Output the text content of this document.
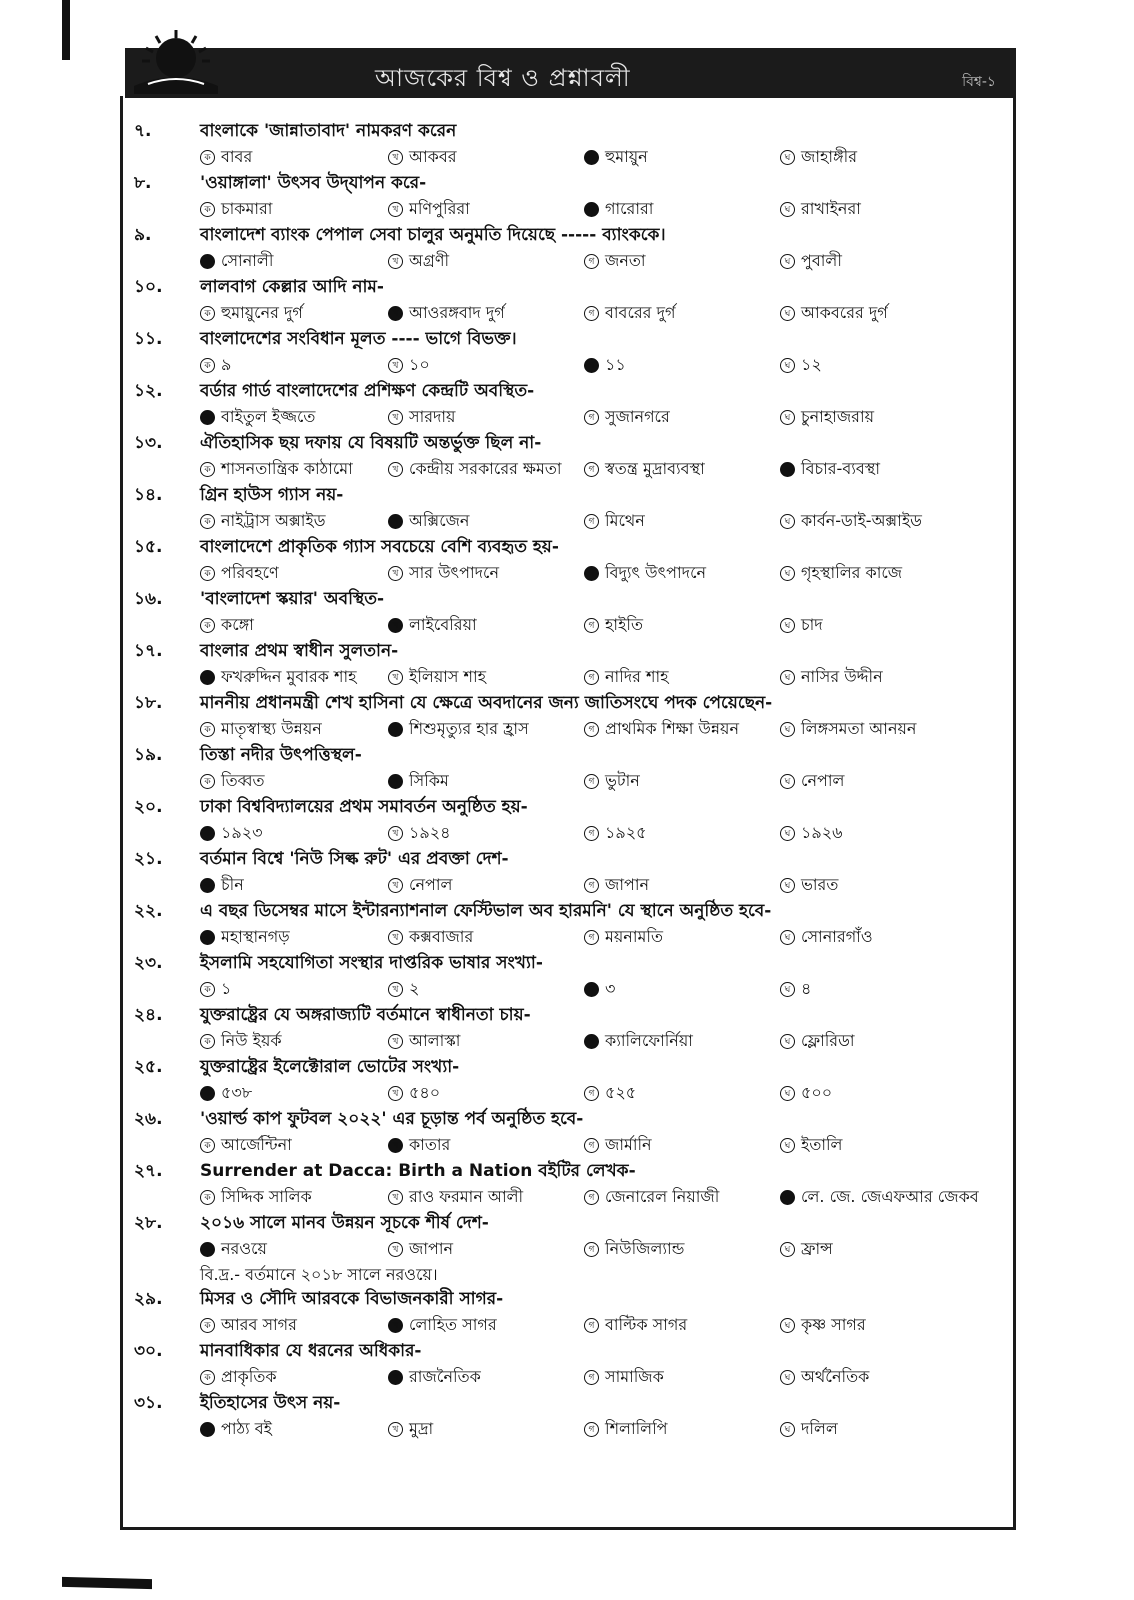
আজকের বিশ্ব ও প্রশ্নাবলী	বিশ্ব-১
৭.	বাংলাকে 'জান্নাতাবাদ' নামকরণ করেন
ক বাবর	খ আকবর	গ হুমায়ুন	ঘ জাহাঙ্গীর
৮.	'ওয়াঙ্গালা' উৎসব উদ্‌যাপন করে-
ক চাকমারা	খ মণিপুরিরা	গ গারোরা	ঘ রাখাইনরা
৯.	বাংলাদেশ ব্যাংক পেপাল সেবা চালুর অনুমতি দিয়েছে ----- ব্যাংককে।
ক সোনালী	খ অগ্রণী	গ জনতা	ঘ পুবালী
১০.	লালবাগ কেল্লার আদি নাম-
ক হুমায়ুনের দুর্গ	খ আওরঙ্গবাদ দুর্গ	গ বাবরের দুর্গ	ঘ আকবরের দুর্গ
১১.	বাংলাদেশের সংবিধান মূলত ---- ভাগে বিভক্ত।
ক ৯	খ ১০	গ ১১	ঘ ১২
১২.	বর্ডার গার্ড বাংলাদেশের প্রশিক্ষণ কেন্দ্রটি অবস্থিত-
ক বাইতুল ইজ্জতে	খ সারদায়	গ সুজানগরে	ঘ চুনাহাজরায়
১৩.	ঐতিহাসিক ছয় দফায় যে বিষয়টি অন্তর্ভুক্ত ছিল না-
ক শাসনতান্ত্রিক কাঠামো	খ কেন্দ্রীয় সরকারের ক্ষমতা	গ স্বতন্ত্র মুদ্রাব্যবস্থা	ঘ বিচার-ব্যবস্থা
১৪.	গ্রিন হাউস গ্যাস নয়-
ক নাইট্রাস অক্সাইড	খ অক্সিজেন	গ মিথেন	ঘ কার্বন-ডাই-অক্সাইড
১৫.	বাংলাদেশে প্রাকৃতিক গ্যাস সবচেয়ে বেশি ব্যবহৃত হয়-
ক পরিবহণে	খ সার উৎপাদনে	গ বিদ্যুৎ উৎপাদনে	ঘ গৃহস্থালির কাজে
১৬.	'বাংলাদেশ স্কয়ার' অবস্থিত-
ক কঙ্গো	খ লাইবেরিয়া	গ হাইতি	ঘ চাদ
১৭.	বাংলার প্রথম স্বাধীন সুলতান-
ক ফখরুদ্দিন মুবারক শাহ	খ ইলিয়াস শাহ	গ নাদির শাহ	ঘ নাসির উদ্দীন
১৮.	মাননীয় প্রধানমন্ত্রী শেখ হাসিনা যে ক্ষেত্রে অবদানের জন্য জাতিসংঘে পদক পেয়েছেন-
ক মাতৃস্বাস্থ্য উন্নয়ন	খ শিশুমৃত্যুর হার হ্রাস	গ প্রাথমিক শিক্ষা উন্নয়ন	ঘ লিঙ্গসমতা আনয়ন
১৯.	তিস্তা নদীর উৎপত্তিস্থল-
ক তিব্বত	খ সিকিম	গ ভুটান	ঘ নেপাল
২০.	ঢাকা বিশ্ববিদ্যালয়ের প্রথম সমাবর্তন অনুষ্ঠিত হয়-
ক ১৯২৩	খ ১৯২৪	গ ১৯২৫	ঘ ১৯২৬
২১.	বর্তমান বিশ্বে 'নিউ সিল্ক রুট' এর প্রবক্তা দেশ-
ক চীন	খ নেপাল	গ জাপান	ঘ ভারত
২২.	এ বছর ডিসেম্বর মাসে ইন্টারন্যাশনাল ফেস্টিভাল অব হারমনি' যে স্থানে অনুষ্ঠিত হবে-
ক মহাস্থানগড়	খ কক্সবাজার	গ ময়নামতি	ঘ সোনারগাঁও
২৩.	ইসলামি সহযোগিতা সংস্থার দাপ্তরিক ভাষার সংখ্যা-
ক ১	খ ২	গ ৩	ঘ ৪
২৪.	যুক্তরাষ্ট্রের যে অঙ্গরাজ্যটি বর্তমানে স্বাধীনতা চায়-
ক নিউ ইয়র্ক	খ আলাস্কা	গ ক্যালিফোর্নিয়া	ঘ ফ্লোরিডা
২৫.	যুক্তরাষ্ট্রের ইলেক্টোরাল ভোটের সংখ্যা-
ক ৫৩৮	খ ৫৪০	গ ৫২৫	ঘ ৫০০
২৬.	'ওয়ার্ল্ড কাপ ফুটবল ২০২২' এর চূড়ান্ত পর্ব অনুষ্ঠিত হবে-
ক আর্জেন্টিনা	খ কাতার	গ জার্মানি	ঘ ইতালি
২৭.	Surrender at Dacca: Birth a Nation বইটির লেখক-
ক সিদ্দিক সালিক	খ রাও ফরমান আলী	গ জেনারেল নিয়াজী	ঘ লে. জে. জেএফআর জেকব
২৮.	২০১৬ সালে মানব উন্নয়ন সূচকে শীর্ষ দেশ-
ক নরওয়ে	খ জাপান	গ নিউজিল্যান্ড	ঘ ফ্রান্স
বি.দ্র.- বর্তমানে ২০১৮ সালে নরওয়ে।
২৯.	মিসর ও সৌদি আরবকে বিভাজনকারী সাগর-
ক আরব সাগর	খ লোহিত সাগর	গ বাল্টিক সাগর	ঘ কৃষ্ণ সাগর
৩০.	মানবাধিকার যে ধরনের অধিকার-
ক প্রাকৃতিক	খ রাজনৈতিক	গ সামাজিক	ঘ অর্থনৈতিক
৩১.	ইতিহাসের উৎস নয়-
ক পাঠ্য বই	খ মুদ্রা	গ শিলালিপি	ঘ দলিল
